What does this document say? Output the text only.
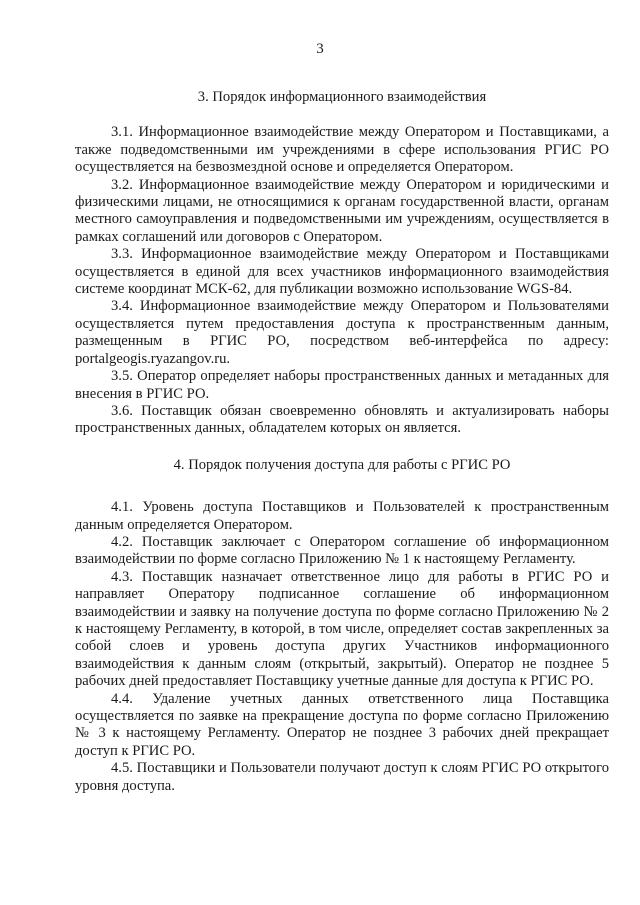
3

3. Порядок информационного взаимодействия

3.1. Информационное взаимодействие между Оператором и Поставщиками, а также подведомственными им учреждениями в сфере использования РГИС РО осуществляется на безвозмездной основе и определяется Оператором.

3.2. Информационное взаимодействие между Оператором и юридическими и физическими лицами, не относящимися к органам государственной власти, органам местного самоуправления и подведомственными им учреждениям, осуществляется в рамках соглашений или договоров с Оператором.

3.3. Информационное взаимодействие между Оператором и Поставщиками осуществляется в единой для всех участников информационного взаимодействия системе координат МСК-62, для публикации возможно использование WGS-84.

3.4. Информационное взаимодействие между Оператором и Пользователями осуществляется путем предоставления доступа к пространственным данным, размещенным в РГИС РО, посредством веб-интерфейса по адресу: portalgeogis.ryazangov.ru.

3.5. Оператор определяет наборы пространственных данных и метаданных для внесения в РГИС РО.

3.6. Поставщик обязан своевременно обновлять и актуализировать наборы пространственных данных, обладателем которых он является.

4. Порядок получения доступа для работы с РГИС РО

4.1. Уровень доступа Поставщиков и Пользователей к пространственным данным определяется Оператором.

4.2. Поставщик заключает с Оператором соглашение об информационном взаимодействии по форме согласно Приложению № 1 к настоящему Регламенту.

4.3. Поставщик назначает ответственное лицо для работы в РГИС РО и направляет Оператору подписанное соглашение об информационном взаимодействии и заявку на получение доступа по форме согласно Приложению № 2 к настоящему Регламенту, в которой, в том числе, определяет состав закрепленных за собой слоев и уровень доступа других Участников информационного взаимодействия к данным слоям (открытый, закрытый). Оператор не позднее 5 рабочих дней предоставляет Поставщику учетные данные для доступа к РГИС РО.

4.4. Удаление учетных данных ответственного лица Поставщика осуществляется по заявке на прекращение доступа по форме согласно Приложению № 3 к настоящему Регламенту. Оператор не позднее 3 рабочих дней прекращает доступ к РГИС РО.

4.5. Поставщики и Пользователи получают доступ к слоям РГИС РО открытого уровня доступа.
